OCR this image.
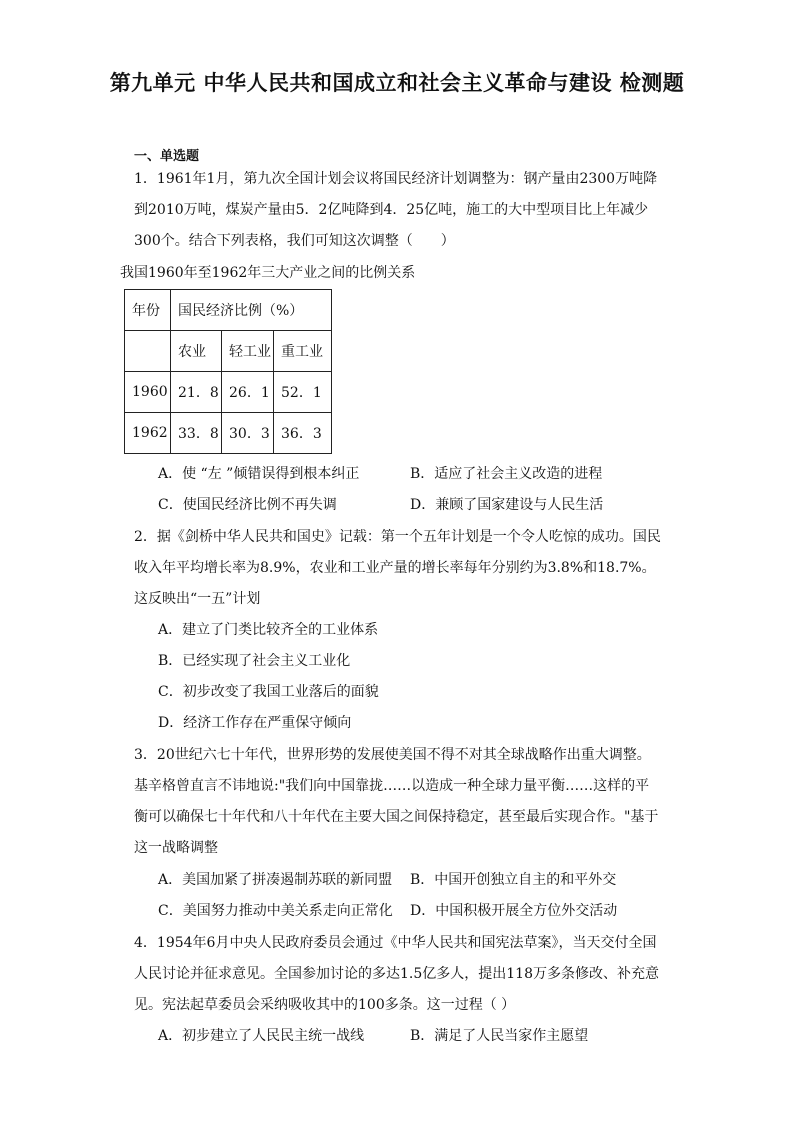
第九单元 中华人民共和国成立和社会主义革命与建设 检测题
一、单选题

1．1961年1月，第九次全国计划会议将国民经济计划调整为：钢产量由2300万吨降到2010万吨，煤炭产量由5．2亿吨降到4．25亿吨，施工的大中型项目比上年减少300个。结合下列表格，我们可知这次调整（　　）

我国1960年至1962年三大产业之间的比例关系
年份	国民经济比例（%）		
	农业	轻工业	重工业
1960	21．8	26．1	52．1
1962	33．8	30．3	36．3
A．使 “左 ”倾错误得到根本纠正	B．适应了社会主义改造的进程
C．使国民经济比例不再失调	D．兼顾了国家建设与人民生活

2．据《剑桥中华人民共和国史》记载：第一个五年计划是一个令人吃惊的成功。国民收入年平均增长率为8.9%，农业和工业产量的增长率每年分别约为3.8%和18.7%。这反映出“一五”计划

A．建立了门类比较齐全的工业体系
B．已经实现了社会主义工业化
C．初步改变了我国工业落后的面貌
D．经济工作存在严重保守倾向

3．20世纪六七十年代，世界形势的发展使美国不得不对其全球战略作出重大调整。基辛格曾直言不讳地说:"我们向中国靠拢……以造成一种全球力量平衡……这样的平衡可以确保七十年代和八十年代在主要大国之间保持稳定，甚至最后实现合作。"基于这一战略调整

A．美国加紧了拼凑遏制苏联的新同盟 B．中国开创独立自主的和平外交
C．美国努力推动中美关系走向正常化 D．中国积极开展全方位外交活动

4．1954年6月中央人民政府委员会通过《中华人民共和国宪法草案》，当天交付全国人民讨论并征求意见。全国参加讨论的多达1.5亿多人，提出118万多条修改、补充意见。宪法起草委员会采纳吸收其中的100多条。这一过程（ ）

A．初步建立了人民民主统一战线	B．满足了人民当家作主愿望
